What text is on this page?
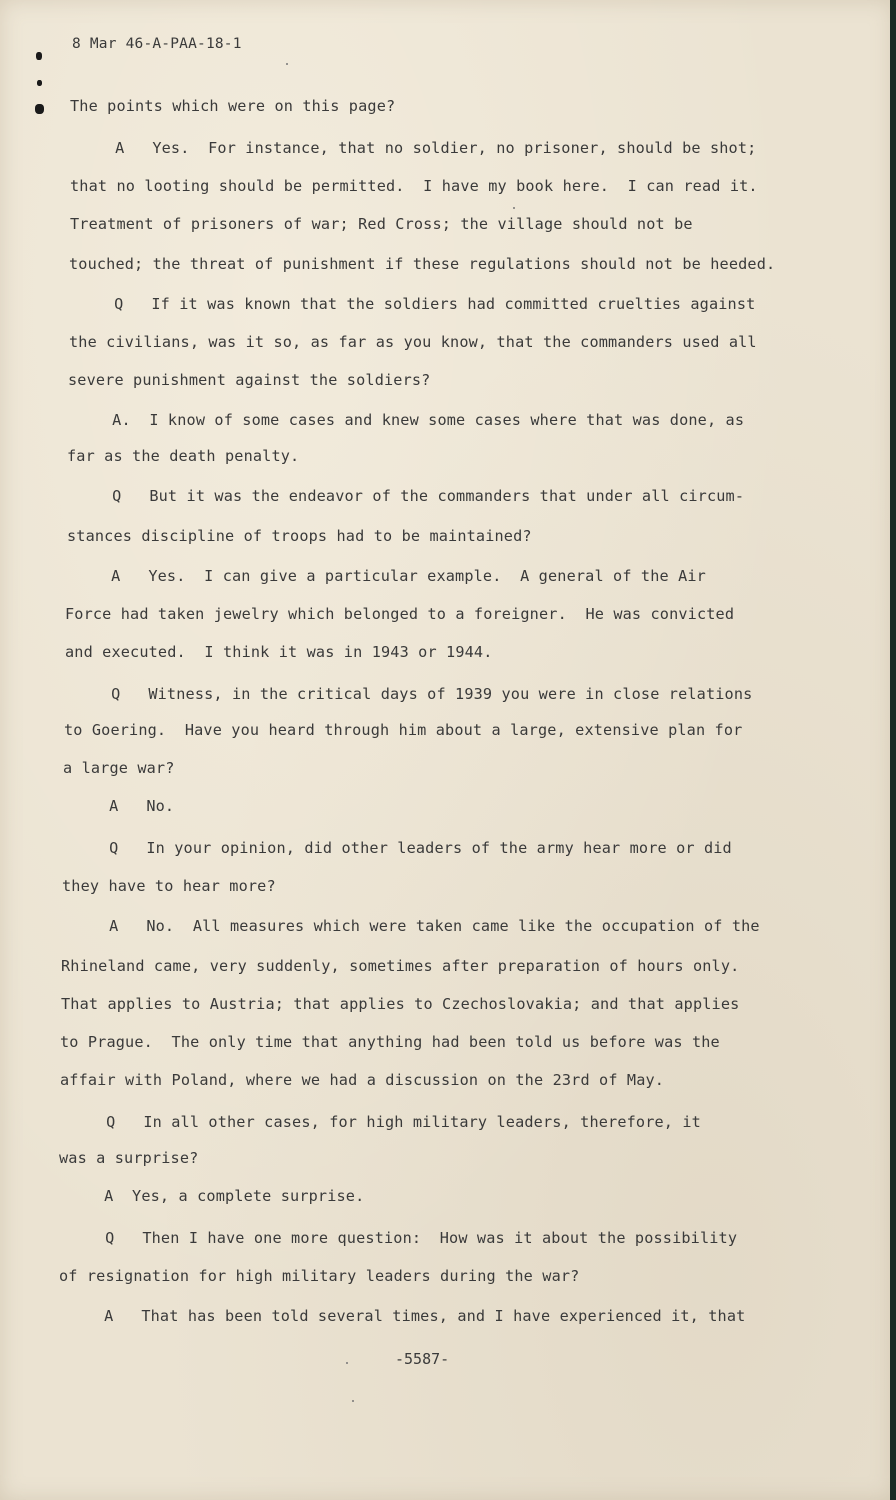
8 Mar 46-A-PAA-18-1
The points which were on this page?
A   Yes.  For instance, that no soldier, no prisoner, should be shot;
that no looting should be permitted.  I have my book here.  I can read it.
Treatment of prisoners of war; Red Cross; the village should not be
touched; the threat of punishment if these regulations should not be heeded.
Q   If it was known that the soldiers had committed cruelties against
the civilians, was it so, as far as you know, that the commanders used all
severe punishment against the soldiers?
A.  I know of some cases and knew some cases where that was done, as
far as the death penalty.
Q   But it was the endeavor of the commanders that under all circum-
stances discipline of troops had to be maintained?
A   Yes.  I can give a particular example.  A general of the Air
Force had taken jewelry which belonged to a foreigner.  He was convicted
and executed.  I think it was in 1943 or 1944.
Q   Witness, in the critical days of 1939 you were in close relations
to Goering.  Have you heard through him about a large, extensive plan for
a large war?
A   No.
Q   In your opinion, did other leaders of the army hear more or did
they have to hear more?
A   No.  All measures which were taken came like the occupation of the
Rhineland came, very suddenly, sometimes after preparation of hours only.
That applies to Austria; that applies to Czechoslovakia; and that applies
to Prague.  The only time that anything had been told us before was the
affair with Poland, where we had a discussion on the 23rd of May.
Q   In all other cases, for high military leaders, therefore, it
was a surprise?
A  Yes, a complete surprise.
Q   Then I have one more question:  How was it about the possibility
of resignation for high military leaders during the war?
A   That has been told several times, and I have experienced it, that
-5587-
